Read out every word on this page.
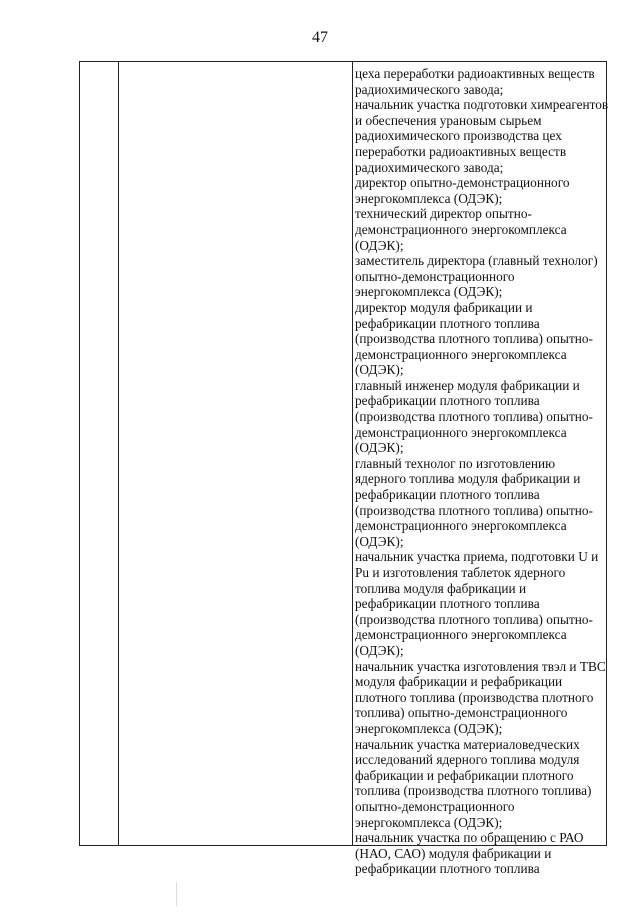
47
цеха переработки радиоактивных веществ
радиохимического завода;
начальник участка подготовки химреагентов
и обеспечения урановым сырьем
радиохимического производства цех
переработки радиоактивных веществ
радиохимического завода;
директор опытно-демонстрационного
энергокомплекса (ОДЭК);
технический директор опытно-
демонстрационного энергокомплекса
(ОДЭК);
заместитель директора (главный технолог)
опытно-демонстрационного
энергокомплекса (ОДЭК);
директор модуля фабрикации и
рефабрикации плотного топлива
(производства плотного топлива) опытно-
демонстрационного энергокомплекса
(ОДЭК);
главный инженер модуля фабрикации и
рефабрикации плотного топлива
(производства плотного топлива) опытно-
демонстрационного энергокомплекса
(ОДЭК);
главный технолог по изготовлению
ядерного топлива модуля фабрикации и
рефабрикации плотного топлива
(производства плотного топлива) опытно-
демонстрационного энергокомплекса
(ОДЭК);
начальник участка приема, подготовки U и
Pu и изготовления таблеток ядерного
топлива модуля фабрикации и
рефабрикации плотного топлива
(производства плотного топлива) опытно-
демонстрационного энергокомплекса
(ОДЭК);
начальник участка изготовления твэл и ТВС
модуля фабрикации и рефабрикации
плотного топлива (производства плотного
топлива) опытно-демонстрационного
энергокомплекса (ОДЭК);
начальник участка материаловедческих
исследований ядерного топлива модуля
фабрикации и рефабрикации плотного
топлива (производства плотного топлива)
опытно-демонстрационного
энергокомплекса (ОДЭК);
начальник участка по обращению с РАО
(НАО, САО) модуля фабрикации и
рефабрикации плотного топлива
